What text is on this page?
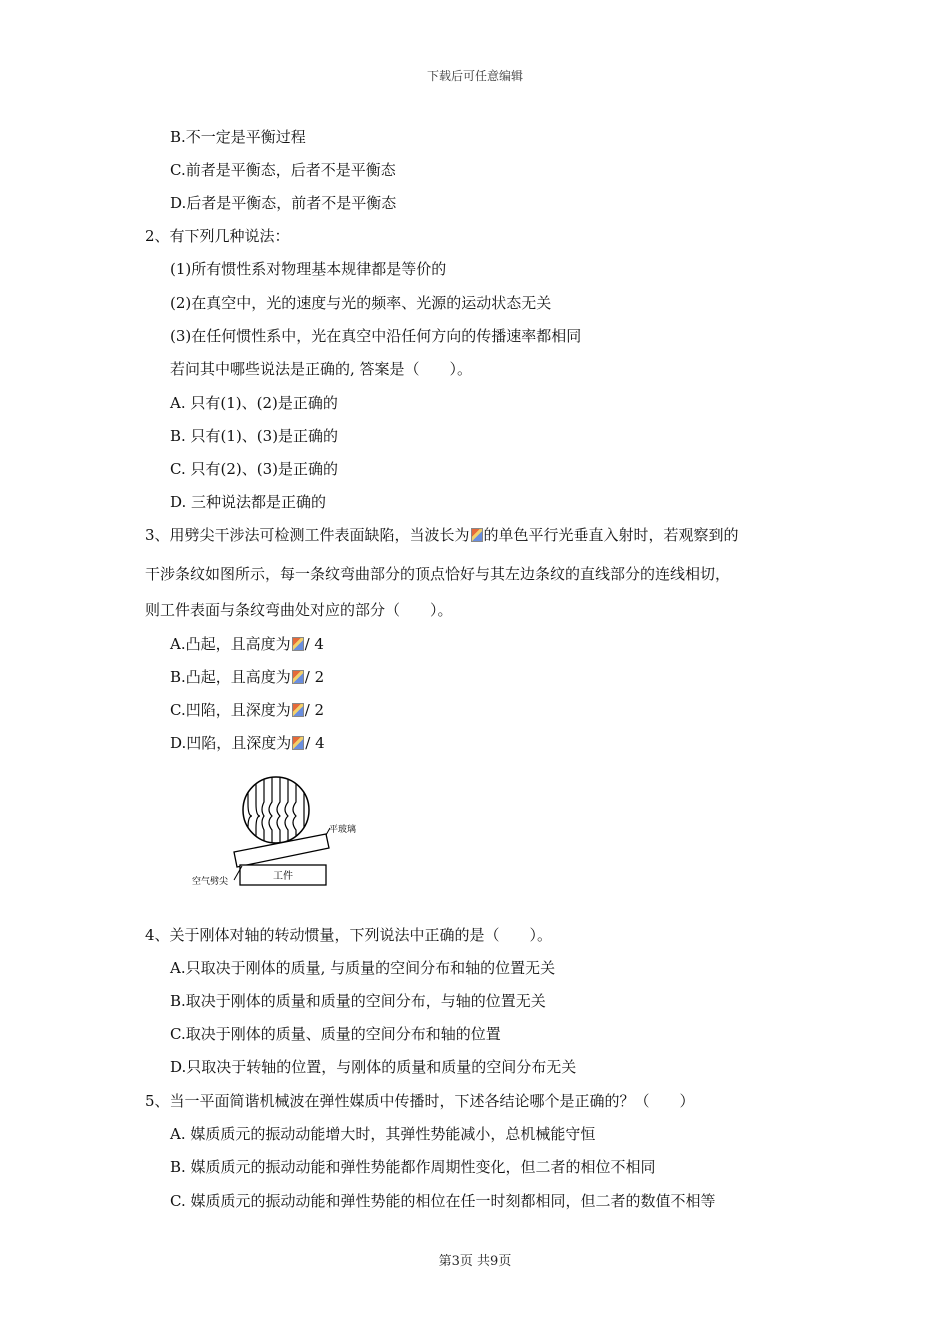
下载后可任意编辑
B.不一定是平衡过程
C.前者是平衡态，后者不是平衡态
D.后者是平衡态，前者不是平衡态
2、有下列几种说法：
(1)所有惯性系对物理基本规律都是等价的
(2)在真空中，光的速度与光的频率、光源的运动状态无关
(3)在任何惯性系中，光在真空中沿任何方向的传播速率都相同
若问其中哪些说法是正确的, 答案是（　　）。
A. 只有(1)、(2)是正确的
B. 只有(1)、(3)是正确的
C. 只有(2)、(3)是正确的
D. 三种说法都是正确的
3、用劈尖干涉法可检测工件表面缺陷，当波长为 的单色平行光垂直入射时，若观察到的
干涉条纹如图所示，每一条纹弯曲部分的顶点恰好与其左边条纹的直线部分的连线相切，
则工件表面与条纹弯曲处对应的部分（　　）。
A.凸起，且高度为 / 4
B.凸起，且高度为 / 2
C.凹陷，且深度为 / 2
D.凹陷，且深度为 / 4
平玻璃
空气劈尖	工件
4、关于刚体对轴的转动惯量，下列说法中正确的是（　　）。
A.只取决于刚体的质量, 与质量的空间分布和轴的位置无关
B.取决于刚体的质量和质量的空间分布，与轴的位置无关
C.取决于刚体的质量、质量的空间分布和轴的位置
D.只取决于转轴的位置，与刚体的质量和质量的空间分布无关
5、当一平面简谐机械波在弹性媒质中传播时，下述各结论哪个是正确的？（　　）
A. 媒质质元的振动动能增大时，其弹性势能减小，总机械能守恒
B. 媒质质元的振动动能和弹性势能都作周期性变化，但二者的相位不相同
C. 媒质质元的振动动能和弹性势能的相位在任一时刻都相同，但二者的数值不相等
第3页 共9页
